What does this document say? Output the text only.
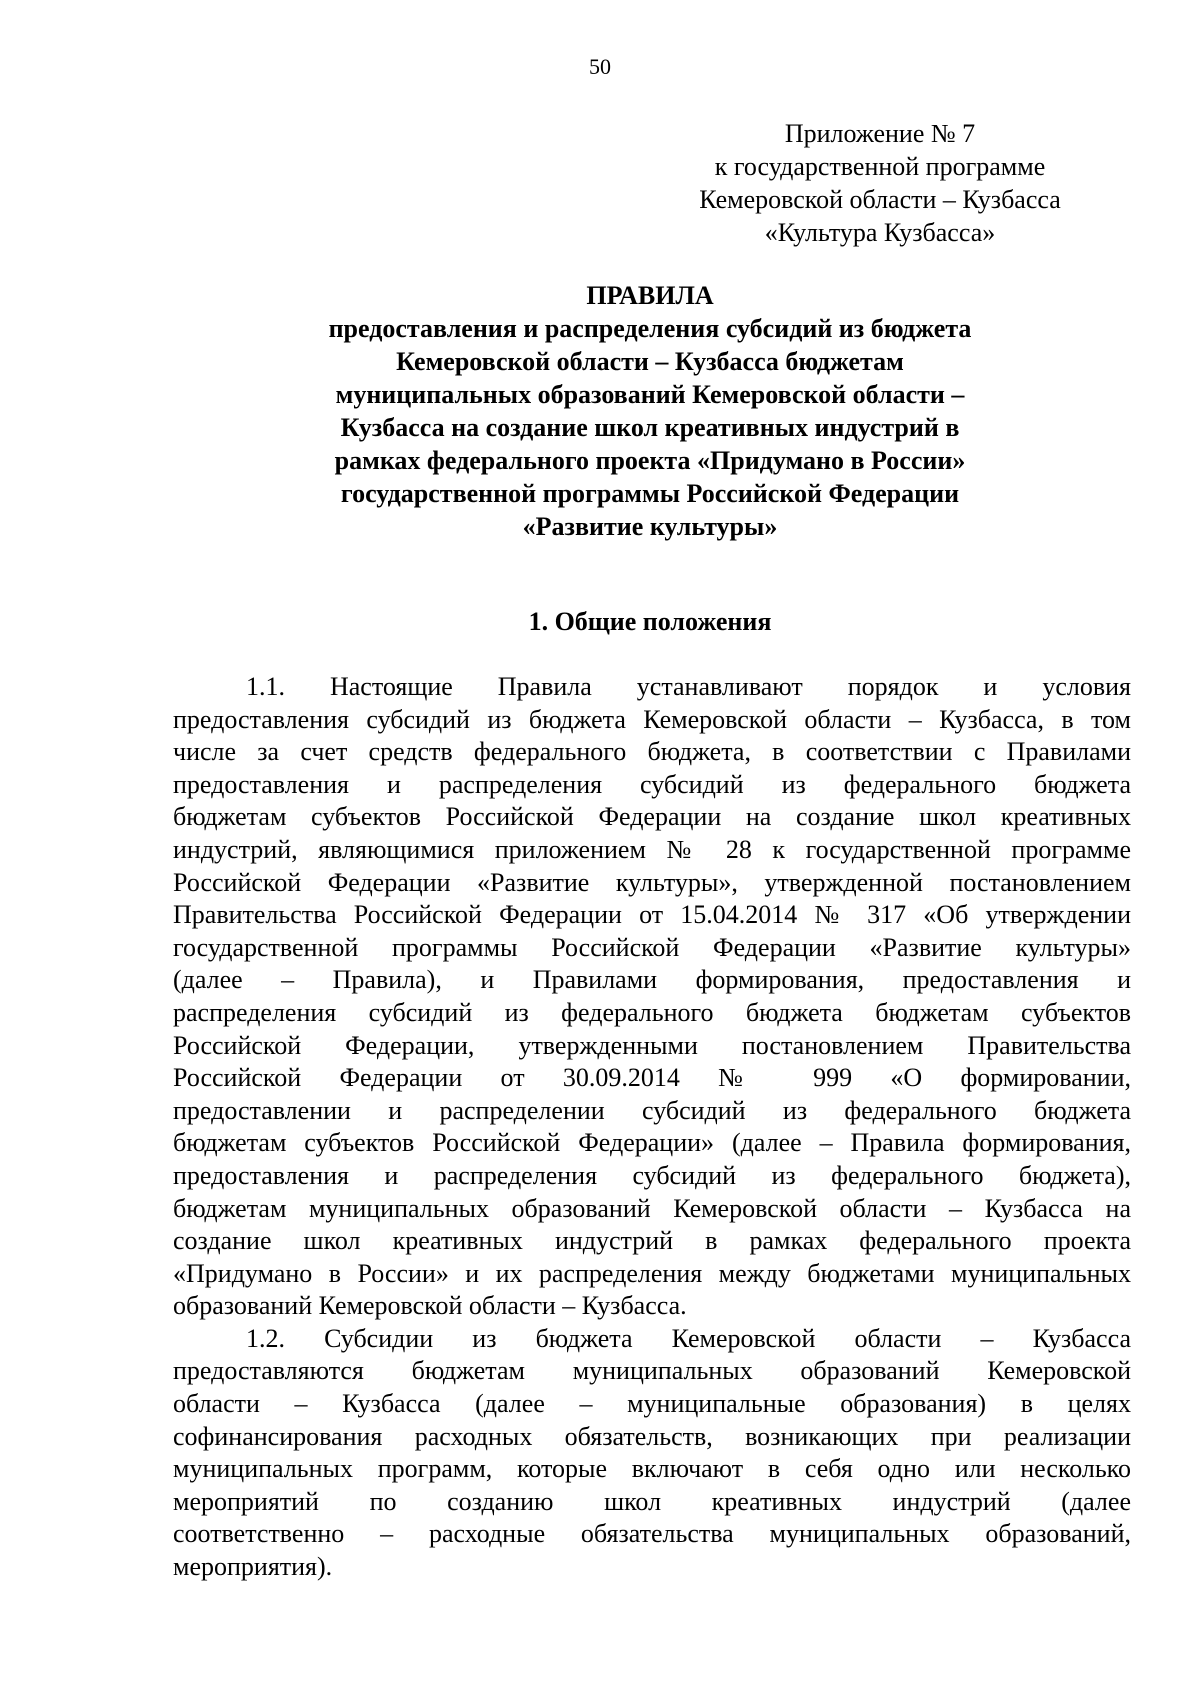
50
Приложение № 7
к государственной программе
Кемеровской области – Кузбасса
«Культура Кузбасса»
ПРАВИЛА
предоставления и распределения субсидий из бюджета
Кемеровской области – Кузбасса бюджетам
муниципальных образований Кемеровской области –
Кузбасса на создание школ креативных индустрий в
рамках федерального проекта «Придумано в России»
государственной программы Российской Федерации
«Развитие культуры»
1. Общие положения
1.1. Настоящие Правила устанавливают порядок и условия
предоставления субсидий из бюджета Кемеровской области – Кузбасса, в том
числе за счет средств федерального бюджета, в соответствии с Правилами
предоставления и распределения субсидий из федерального бюджета
бюджетам субъектов Российской Федерации на создание школ креативных
индустрий, являющимися приложением № 28 к государственной программе
Российской Федерации «Развитие культуры», утвержденной постановлением
Правительства Российской Федерации от 15.04.2014 № 317 «Об утверждении
государственной программы Российской Федерации «Развитие культуры»
(далее – Правила), и Правилами формирования, предоставления и
распределения субсидий из федерального бюджета бюджетам субъектов
Российской Федерации, утвержденными постановлением Правительства
Российской Федерации от 30.09.2014 № 999 «О формировании,
предоставлении и распределении субсидий из федерального бюджета
бюджетам субъектов Российской Федерации» (далее – Правила формирования,
предоставления и распределения субсидий из федерального бюджета),
бюджетам муниципальных образований Кемеровской области – Кузбасса на
создание школ креативных индустрий в рамках федерального проекта
«Придумано в России» и их распределения между бюджетами муниципальных
образований Кемеровской области – Кузбасса.
1.2. Субсидии из бюджета Кемеровской области – Кузбасса
предоставляются бюджетам муниципальных образований Кемеровской
области – Кузбасса (далее – муниципальные образования) в целях
софинансирования расходных обязательств, возникающих при реализации
муниципальных программ, которые включают в себя одно или несколько
мероприятий по созданию школ креативных индустрий (далее
соответственно – расходные обязательства муниципальных образований,
мероприятия).
